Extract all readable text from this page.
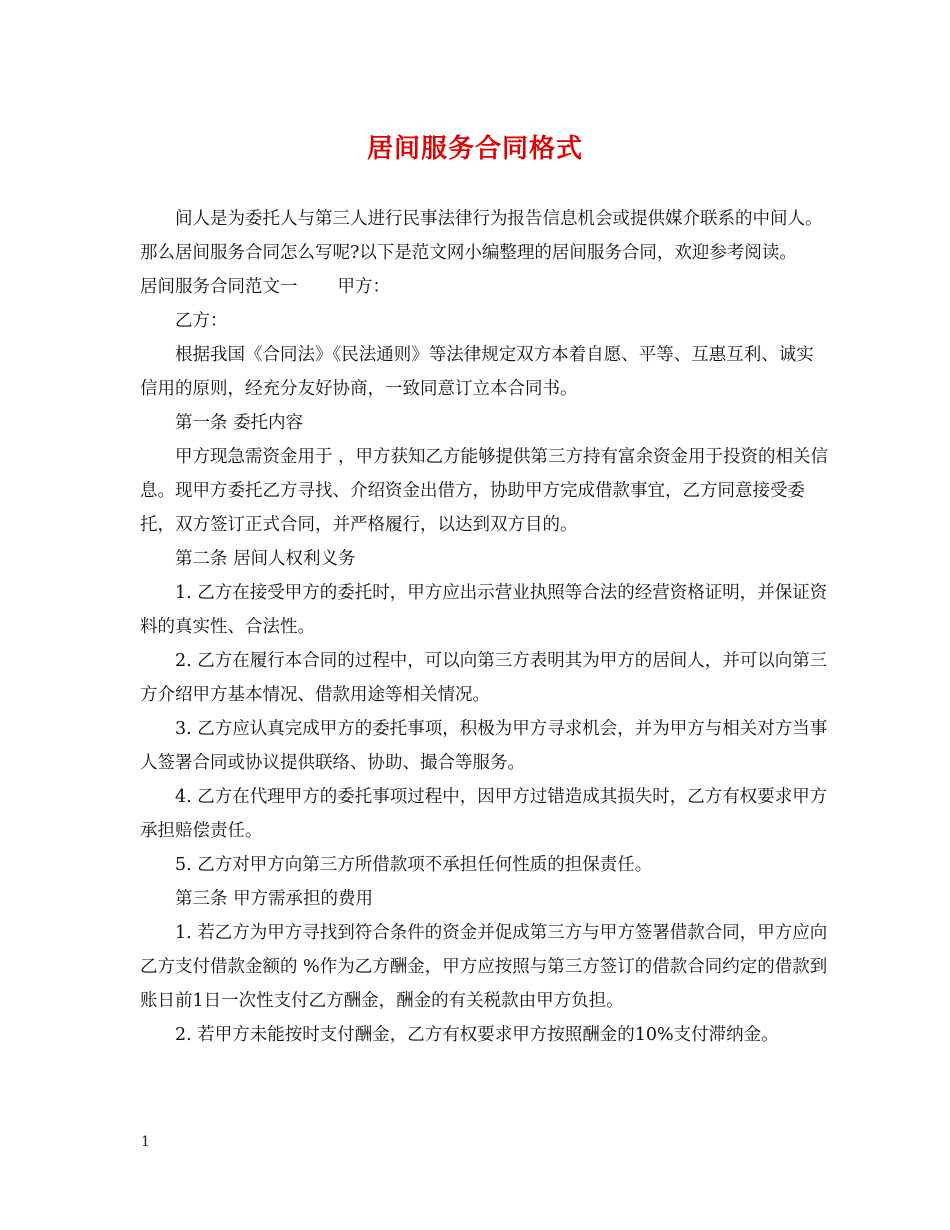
居间服务合同格式

间人是为委托人与第三人进行民事法律行为报告信息机会或提供媒介联系的中间人。那么居间服务合同怎么写呢?以下是范文网小编整理的居间服务合同，欢迎参考阅读。

居间服务合同范文一 甲方：

乙方：

根据我国《合同法》《民法通则》等法律规定双方本着自愿、平等、互惠互利、诚实信用的原则，经充分友好协商，一致同意订立本合同书。

第一条 委托内容

甲方现急需资金用于 ，甲方获知乙方能够提供第三方持有富余资金用于投资的相关信息。现甲方委托乙方寻找、介绍资金出借方，协助甲方完成借款事宜，乙方同意接受委托，双方签订正式合同，并严格履行，以达到双方目的。

第二条 居间人权利义务

1. 乙方在接受甲方的委托时，甲方应出示营业执照等合法的经营资格证明，并保证资料的真实性、合法性。

2. 乙方在履行本合同的过程中，可以向第三方表明其为甲方的居间人，并可以向第三方介绍甲方基本情况、借款用途等相关情况。

3. 乙方应认真完成甲方的委托事项，积极为甲方寻求机会，并为甲方与相关对方当事人签署合同或协议提供联络、协助、撮合等服务。

4. 乙方在代理甲方的委托事项过程中，因甲方过错造成其损失时，乙方有权要求甲方承担赔偿责任。

5. 乙方对甲方向第三方所借款项不承担任何性质的担保责任。

第三条 甲方需承担的费用

1. 若乙方为甲方寻找到符合条件的资金并促成第三方与甲方签署借款合同，甲方应向乙方支付借款金额的 %作为乙方酬金，甲方应按照与第三方签订的借款合同约定的借款到账日前1日一次性支付乙方酬金，酬金的有关税款由甲方负担。

2. 若甲方未能按时支付酬金，乙方有权要求甲方按照酬金的10%支付滞纳金。

1
